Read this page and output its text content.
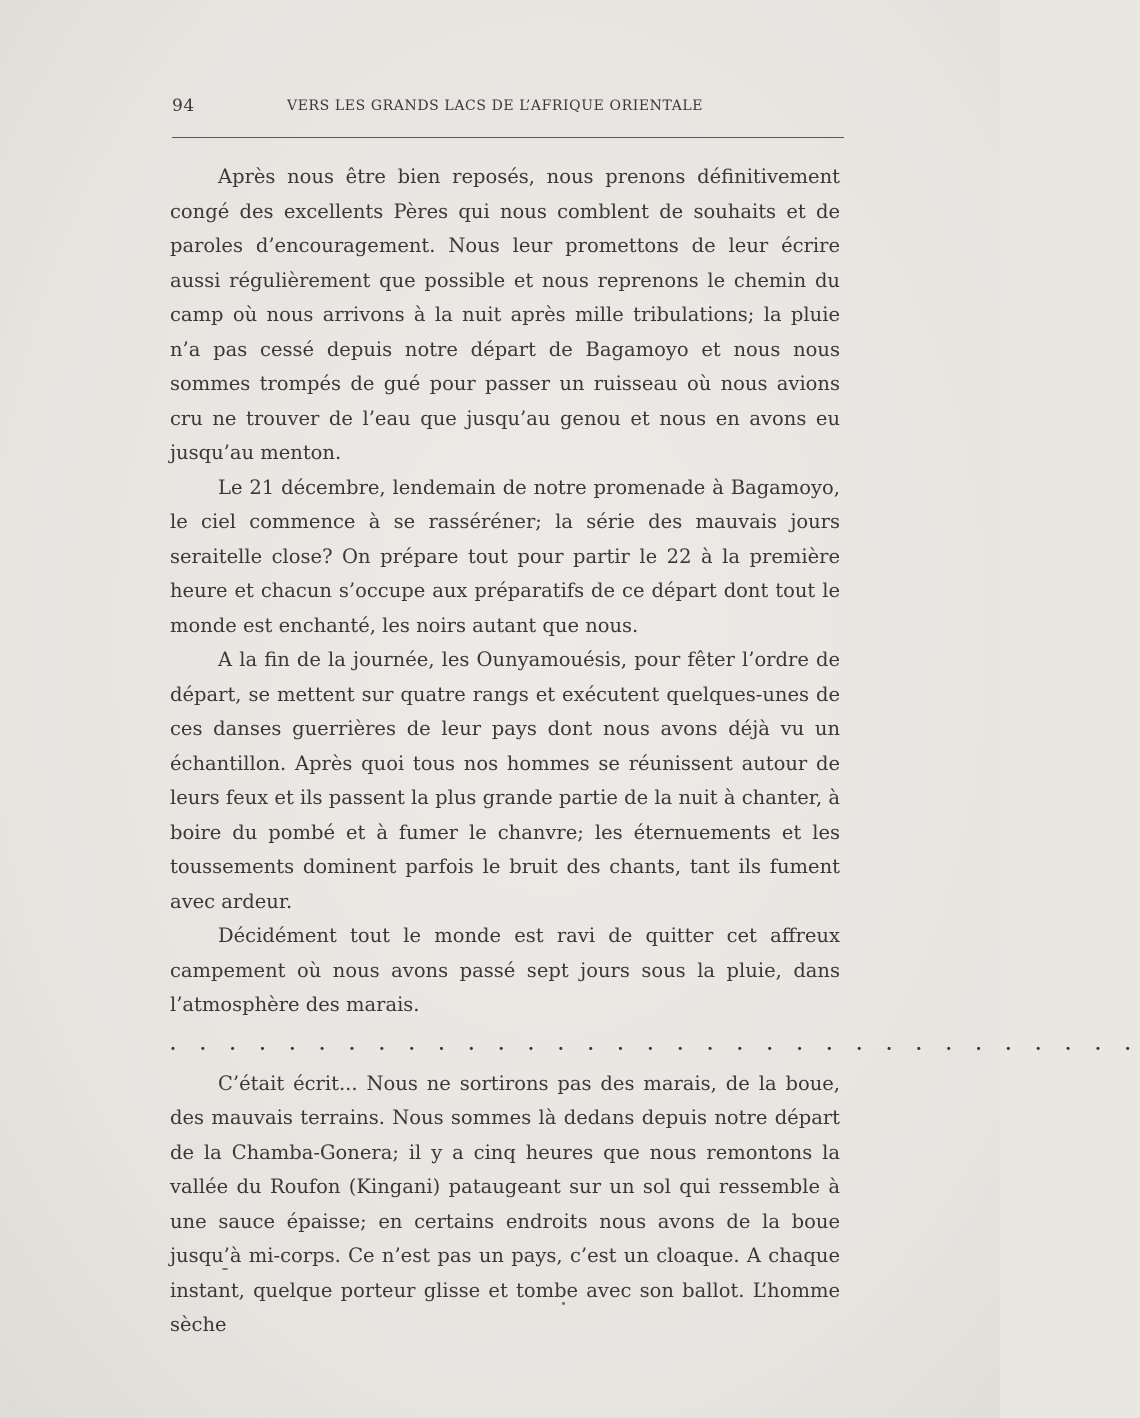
94	VERS LES GRANDS LACS DE L’AFRIQUE ORIENTALE

Après nous être bien reposés, nous prenons définitivement congé des excellents Pères qui nous comblent de souhaits et de paroles d’encouragement. Nous leur promettons de leur écrire aussi régulièrement que possible et nous reprenons le chemin du camp où nous arrivons à la nuit après mille tribulations; la pluie n’a pas cessé depuis notre départ de Bagamoyo et nous nous sommes trompés de gué pour passer un ruisseau où nous avions cru ne trouver de l’eau que jusqu’au genou et nous en avons eu jusqu’au menton.

Le 21 décembre, lendemain de notre promenade à Bagamoyo, le ciel commence à se rasséréner; la série des mauvais jours seraitelle close? On prépare tout pour partir le 22 à la première heure et chacun s’occupe aux préparatifs de ce départ dont tout le monde est enchanté, les noirs autant que nous.

A la fin de la journée, les Ounyamouésis, pour fêter l’ordre de départ, se mettent sur quatre rangs et exécutent quelques-unes de ces danses guerrières de leur pays dont nous avons déjà vu un échantillon. Après quoi tous nos hommes se réunissent autour de leurs feux et ils passent la plus grande partie de la nuit à chanter, à boire du pombé et à fumer le chanvre; les éternuements et les toussements dominent parfois le bruit des chants, tant ils fument avec ardeur.

Décidément tout le monde est ravi de quitter cet affreux campement où nous avons passé sept jours sous la pluie, dans l’atmosphère des marais.

. . . . . . . . . . . . . . . . . . . . . . . . . . . . . . . . .

C’était écrit... Nous ne sortirons pas des marais, de la boue, des mauvais terrains. Nous sommes là dedans depuis notre départ de la Chamba-Gonera; il y a cinq heures que nous remontons la vallée du Roufon (Kingani) pataugeant sur un sol qui ressemble à une sauce épaisse; en certains endroits nous avons de la boue jusqu’à mi-corps. Ce n’est pas un pays, c’est un cloaque. A chaque instant, quelque porteur glisse et tombe avec son ballot. L’homme sèche
